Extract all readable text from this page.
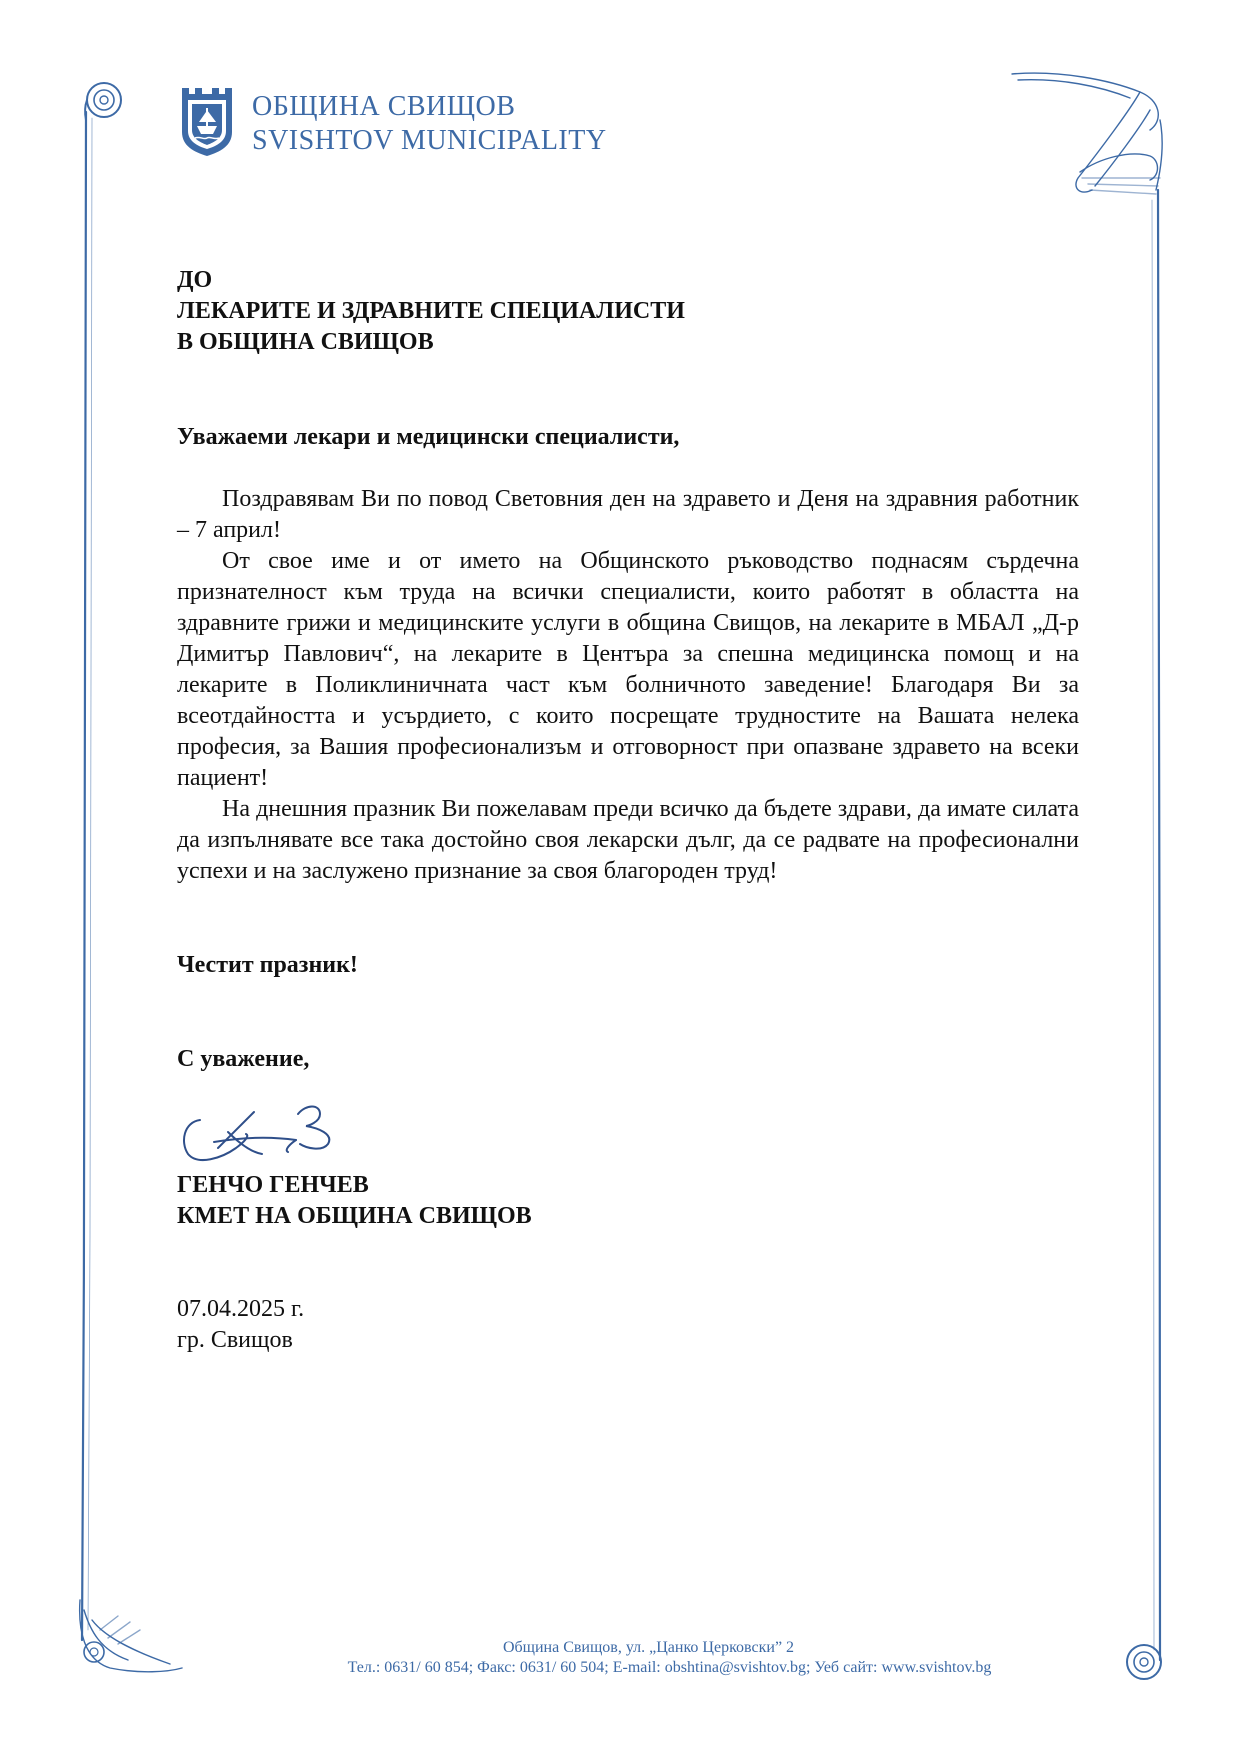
ОБЩИНА СВИЩОВ
SVISHTOV MUNICIPALITY
ДО
ЛЕКАРИТЕ И ЗДРАВНИТЕ СПЕЦИАЛИСТИ
В ОБЩИНА СВИЩОВ
Уважаеми лекари и медицински специалисти,

Поздравявам Ви по повод Световния ден на здравето и Деня на здравния работник – 7 април!

От свое име и от името на Общинското ръководство поднасям сърдечна признателност към труда на всички специалисти, които работят в областта на здравните грижи и медицинските услуги в община Свищов, на лекарите в МБАЛ „Д-р Димитър Павлович“, на лекарите в Центъра за спешна медицинска помощ и на лекарите в Поликлиничната част към болничното заведение! Благодаря Ви за всеотдайността и усърдието, с които посрещате трудностите на Вашата нелека професия, за Вашия професионализъм и отговорност при опазване здравето на всеки пациент!

На днешния празник Ви пожелавам преди всичко да бъдете здрави, да имате силата да изпълнявате все така достойно своя лекарски дълг, да се радвате на професионални успехи и на заслужено признание за своя благороден труд!

Честит празник!
С уважение,
ГЕНЧО ГЕНЧЕВ
КМЕТ НА ОБЩИНА СВИЩОВ
07.04.2025 г.
гр. Свищов
Община Свищов, ул. „Цанко Церковски” 2
Тел.: 0631/ 60 854; Факс: 0631/ 60 504; E-mail: obshtina@svishtov.bg; Уеб сайт: www.svishtov.bg
